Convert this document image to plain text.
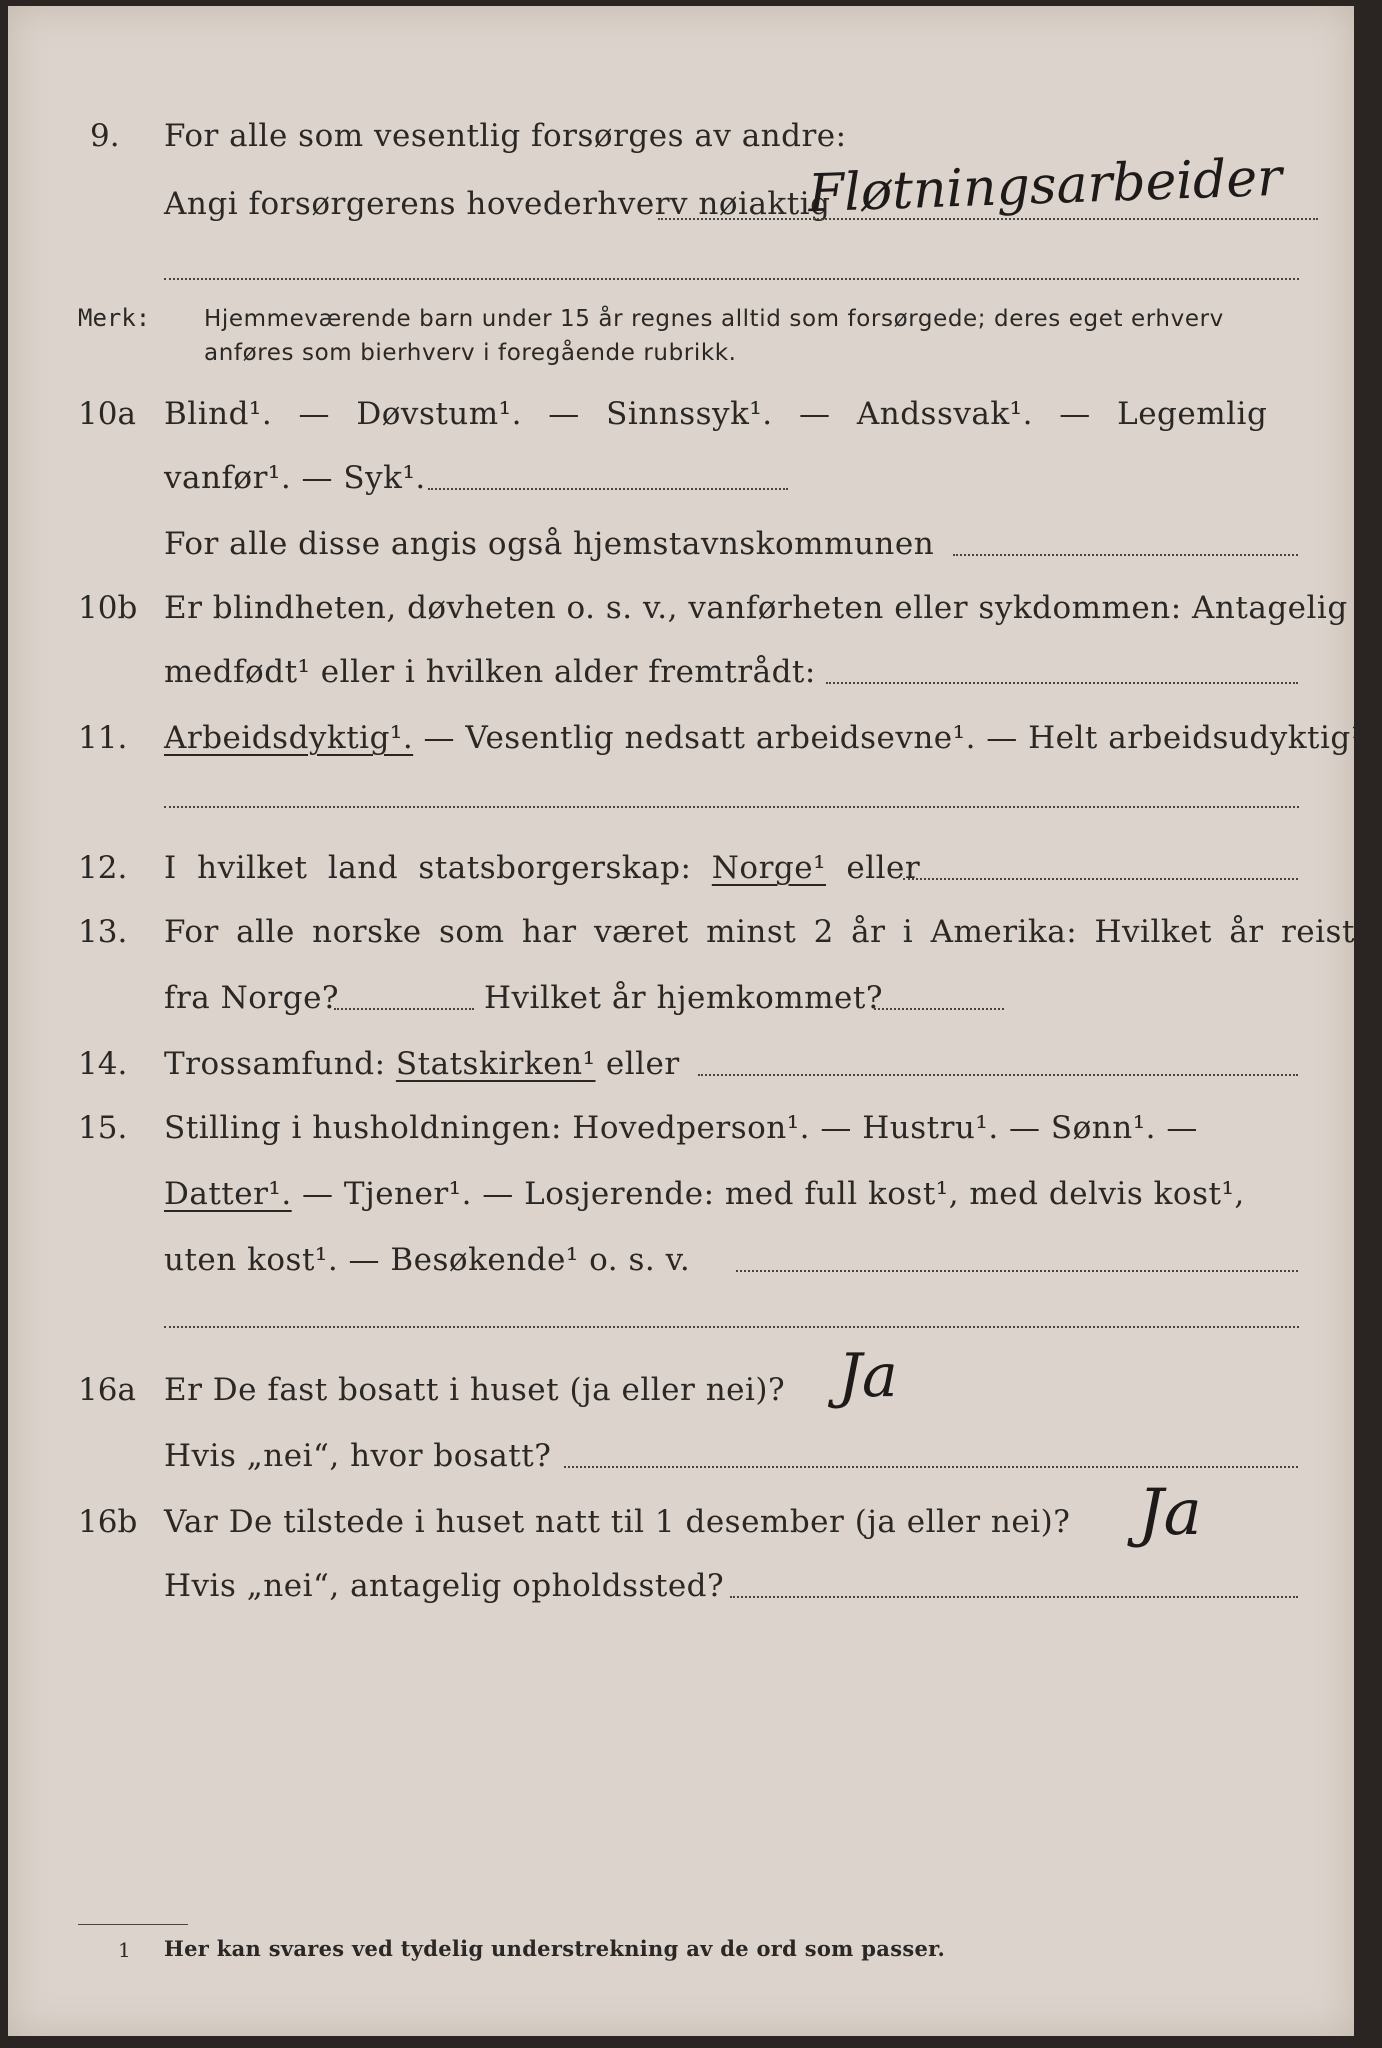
9. For alle som vesentlig forsørges av andre:
Angi forsørgerens hovederhverv nøiaktig
Fløtningsarbeider
Merk: Hjemmeværende barn under 15 år regnes alltid som forsørgede; deres eget erhverv
anføres som bierhverv i foregående rubrikk.
10a Blind¹. — Døvstum¹. — Sinnssyk¹. — Andssvak¹. — Legemlig
vanfør¹. — Syk¹.
For alle disse angis også hjemstavnskommunen
10b Er blindheten, døvheten o. s. v., vanførheten eller sykdommen: Antagelig
medfødt¹ eller i hvilken alder fremtrådt:
11. Arbeidsdyktig¹. — Vesentlig nedsatt arbeidsevne¹. — Helt arbeidsudyktig¹.
12. I hvilket land statsborgerskap: Norge¹ eller
13. For alle norske som har været minst 2 år i Amerika: Hvilket år reist
fra Norge?	Hvilket år hjemkommet?
14. Trossamfund: Statskirken¹ eller
15. Stilling i husholdningen: Hovedperson¹. — Hustru¹. — Sønn¹. —
Datter¹. — Tjener¹. — Losjerende: med full kost¹, med delvis kost¹,
uten kost¹. — Besøkende¹ o. s. v.
16a Er De fast bosatt i huset (ja eller nei)? Ja
Hvis „nei“, hvor bosatt?
16b Var De tilstede i huset natt til 1 desember (ja eller nei)? Ja
Hvis „nei“, antagelig opholdssted?
1 Her kan svares ved tydelig understrekning av de ord som passer.
